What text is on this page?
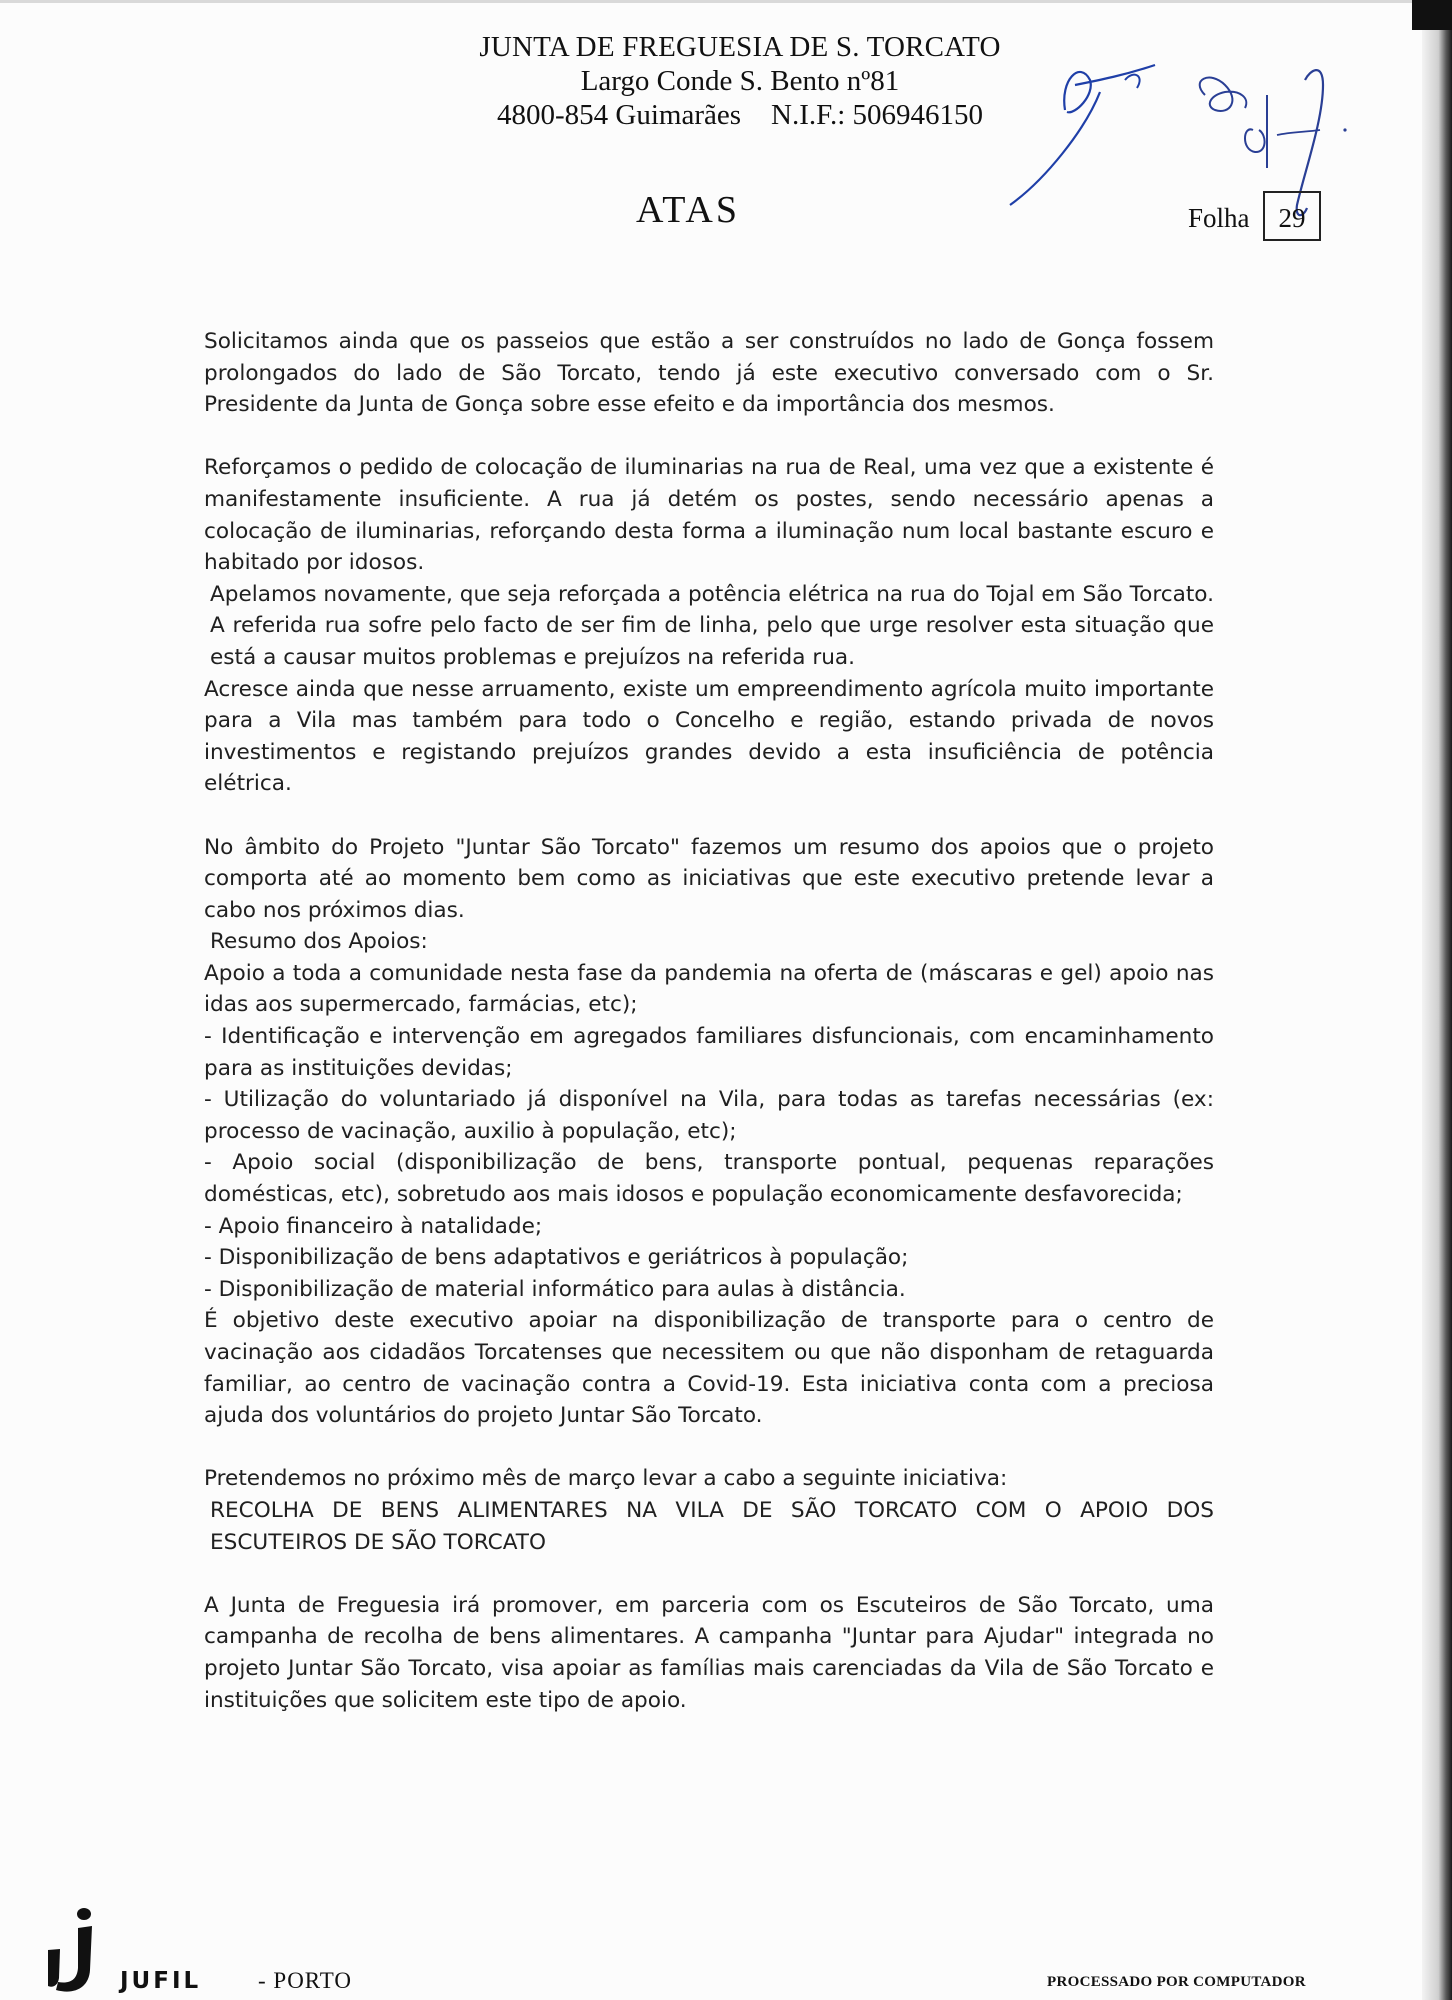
JUNTA DE FREGUESIA DE S. TORCATO
Largo Conde S. Bento nº81
4800-854 Guimarães N.I.F.: 506946150
ATAS	Folha	29

Solicitamos ainda que os passeios que estão a ser construídos no lado de Gonça fossem prolongados do lado de São Torcato, tendo já este executivo conversado com o Sr. Presidente da Junta de Gonça sobre esse efeito e da importância dos mesmos.

Reforçamos o pedido de colocação de iluminarias na rua de Real, uma vez que a existente é manifestamente insuficiente. A rua já detém os postes, sendo necessário apenas a colocação de iluminarias, reforçando desta forma a iluminação num local bastante escuro e habitado por idosos.

Apelamos novamente, que seja reforçada a potência elétrica na rua do Tojal em São Torcato. A referida rua sofre pelo facto de ser fim de linha, pelo que urge resolver esta situação que está a causar muitos problemas e prejuízos na referida rua.

Acresce ainda que nesse arruamento, existe um empreendimento agrícola muito importante para a Vila mas também para todo o Concelho e região, estando privada de novos investimentos e registando prejuízos grandes devido a esta insuficiência de potência elétrica.

No âmbito do Projeto "Juntar São Torcato" fazemos um resumo dos apoios que o projeto comporta até ao momento bem como as iniciativas que este executivo pretende levar a cabo nos próximos dias.

Resumo dos Apoios:

Apoio a toda a comunidade nesta fase da pandemia na oferta de (máscaras e gel) apoio nas idas aos supermercado, farmácias, etc);

- Identificação e intervenção em agregados familiares disfuncionais, com encaminhamento para as instituições devidas;

- Utilização do voluntariado já disponível na Vila, para todas as tarefas necessárias (ex: processo de vacinação, auxilio à população, etc);

- Apoio social (disponibilização de bens, transporte pontual, pequenas reparações domésticas, etc), sobretudo aos mais idosos e população economicamente desfavorecida;

- Apoio financeiro à natalidade;

- Disponibilização de bens adaptativos e geriátricos à população;

- Disponibilização de material informático para aulas à distância.

É objetivo deste executivo apoiar na disponibilização de transporte para o centro de vacinação aos cidadãos Torcatenses que necessitem ou que não disponham de retaguarda familiar, ao centro de vacinação contra a Covid-19. Esta iniciativa conta com a preciosa ajuda dos voluntários do projeto Juntar São Torcato.

Pretendemos no próximo mês de março levar a cabo a seguinte iniciativa:

RECOLHA DE BENS ALIMENTARES NA VILA DE SÃO TORCATO COM O APOIO DOS ESCUTEIROS DE SÃO TORCATO

A Junta de Freguesia irá promover, em parceria com os Escuteiros de São Torcato, uma campanha de recolha de bens alimentares. A campanha "Juntar para Ajudar" integrada no projeto Juntar São Torcato, visa apoiar as famílias mais carenciadas da Vila de São Torcato e instituições que solicitem este tipo de apoio.

JUFIL - PORTO	PROCESSADO POR COMPUTADOR
